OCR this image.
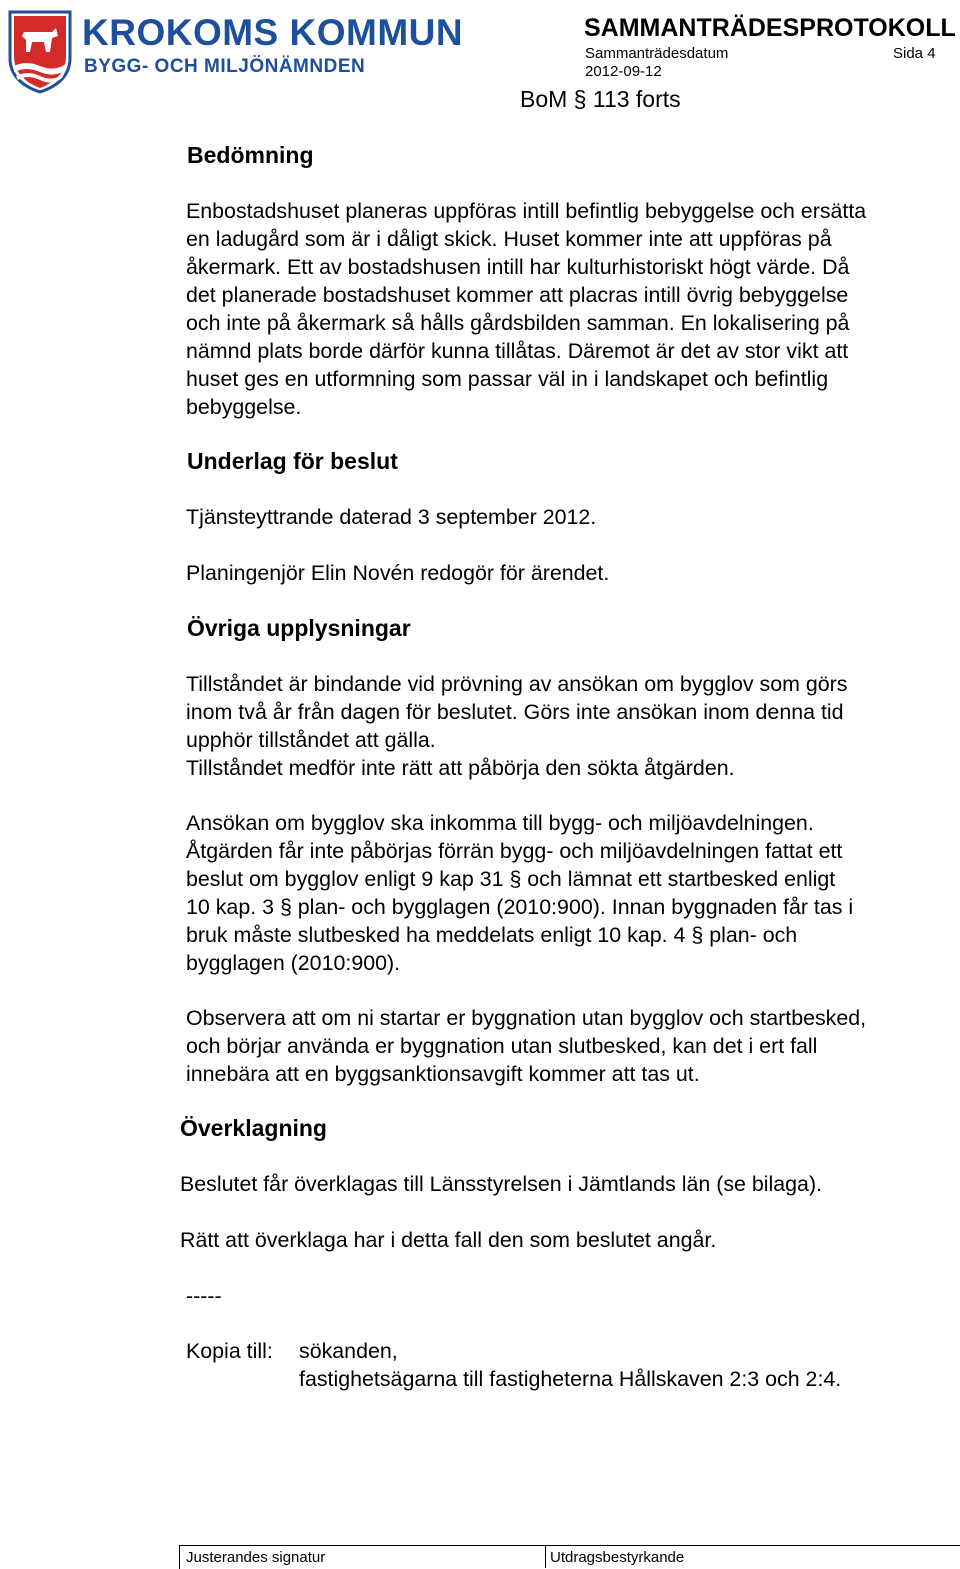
KROKOMS KOMMUN
BYGG- OCH MILJÖNÄMNDEN
SAMMANTRÄDESPROTOKOLL
Sammanträdesdatum	Sida 4
2012-09-12
BoM § 113 forts
Bedömning
Enbostadshuset planeras uppföras intill befintlig bebyggelse och ersätta
en ladugård som är i dåligt skick. Huset kommer inte att uppföras på
åkermark. Ett av bostadshusen intill har kulturhistoriskt högt värde. Då
det planerade bostadshuset kommer att placras intill övrig bebyggelse
och inte på åkermark så hålls gårdsbilden samman. En lokalisering på
nämnd plats borde därför kunna tillåtas. Däremot är det av stor vikt att
huset ges en utformning som passar väl in i landskapet och befintlig
bebyggelse.
Underlag för beslut
Tjänsteyttrande daterad 3 september 2012.
Planingenjör Elin Novén redogör för ärendet.
Övriga upplysningar
Tillståndet är bindande vid prövning av ansökan om bygglov som görs
inom två år från dagen för beslutet. Görs inte ansökan inom denna tid
upphör tillståndet att gälla.
Tillståndet medför inte rätt att påbörja den sökta åtgärden.
Ansökan om bygglov ska inkomma till bygg- och miljöavdelningen.
Åtgärden får inte påbörjas förrän bygg- och miljöavdelningen fattat ett
beslut om bygglov enligt 9 kap 31 § och lämnat ett startbesked enligt
10 kap. 3 § plan- och bygglagen (2010:900). Innan byggnaden får tas i
bruk måste slutbesked ha meddelats enligt 10 kap. 4 § plan- och
bygglagen (2010:900).
Observera att om ni startar er byggnation utan bygglov och startbesked,
och börjar använda er byggnation utan slutbesked, kan det i ert fall
innebära att en byggsanktionsavgift kommer att tas ut.
Överklagning
Beslutet får överklagas till Länsstyrelsen i Jämtlands län (se bilaga).
Rätt att överklaga har i detta fall den som beslutet angår.
-----
Kopia till: sökanden,
fastighetsägarna till fastigheterna Hållskaven 2:3 och 2:4.
Justerandes signatur	Utdragsbestyrkande
